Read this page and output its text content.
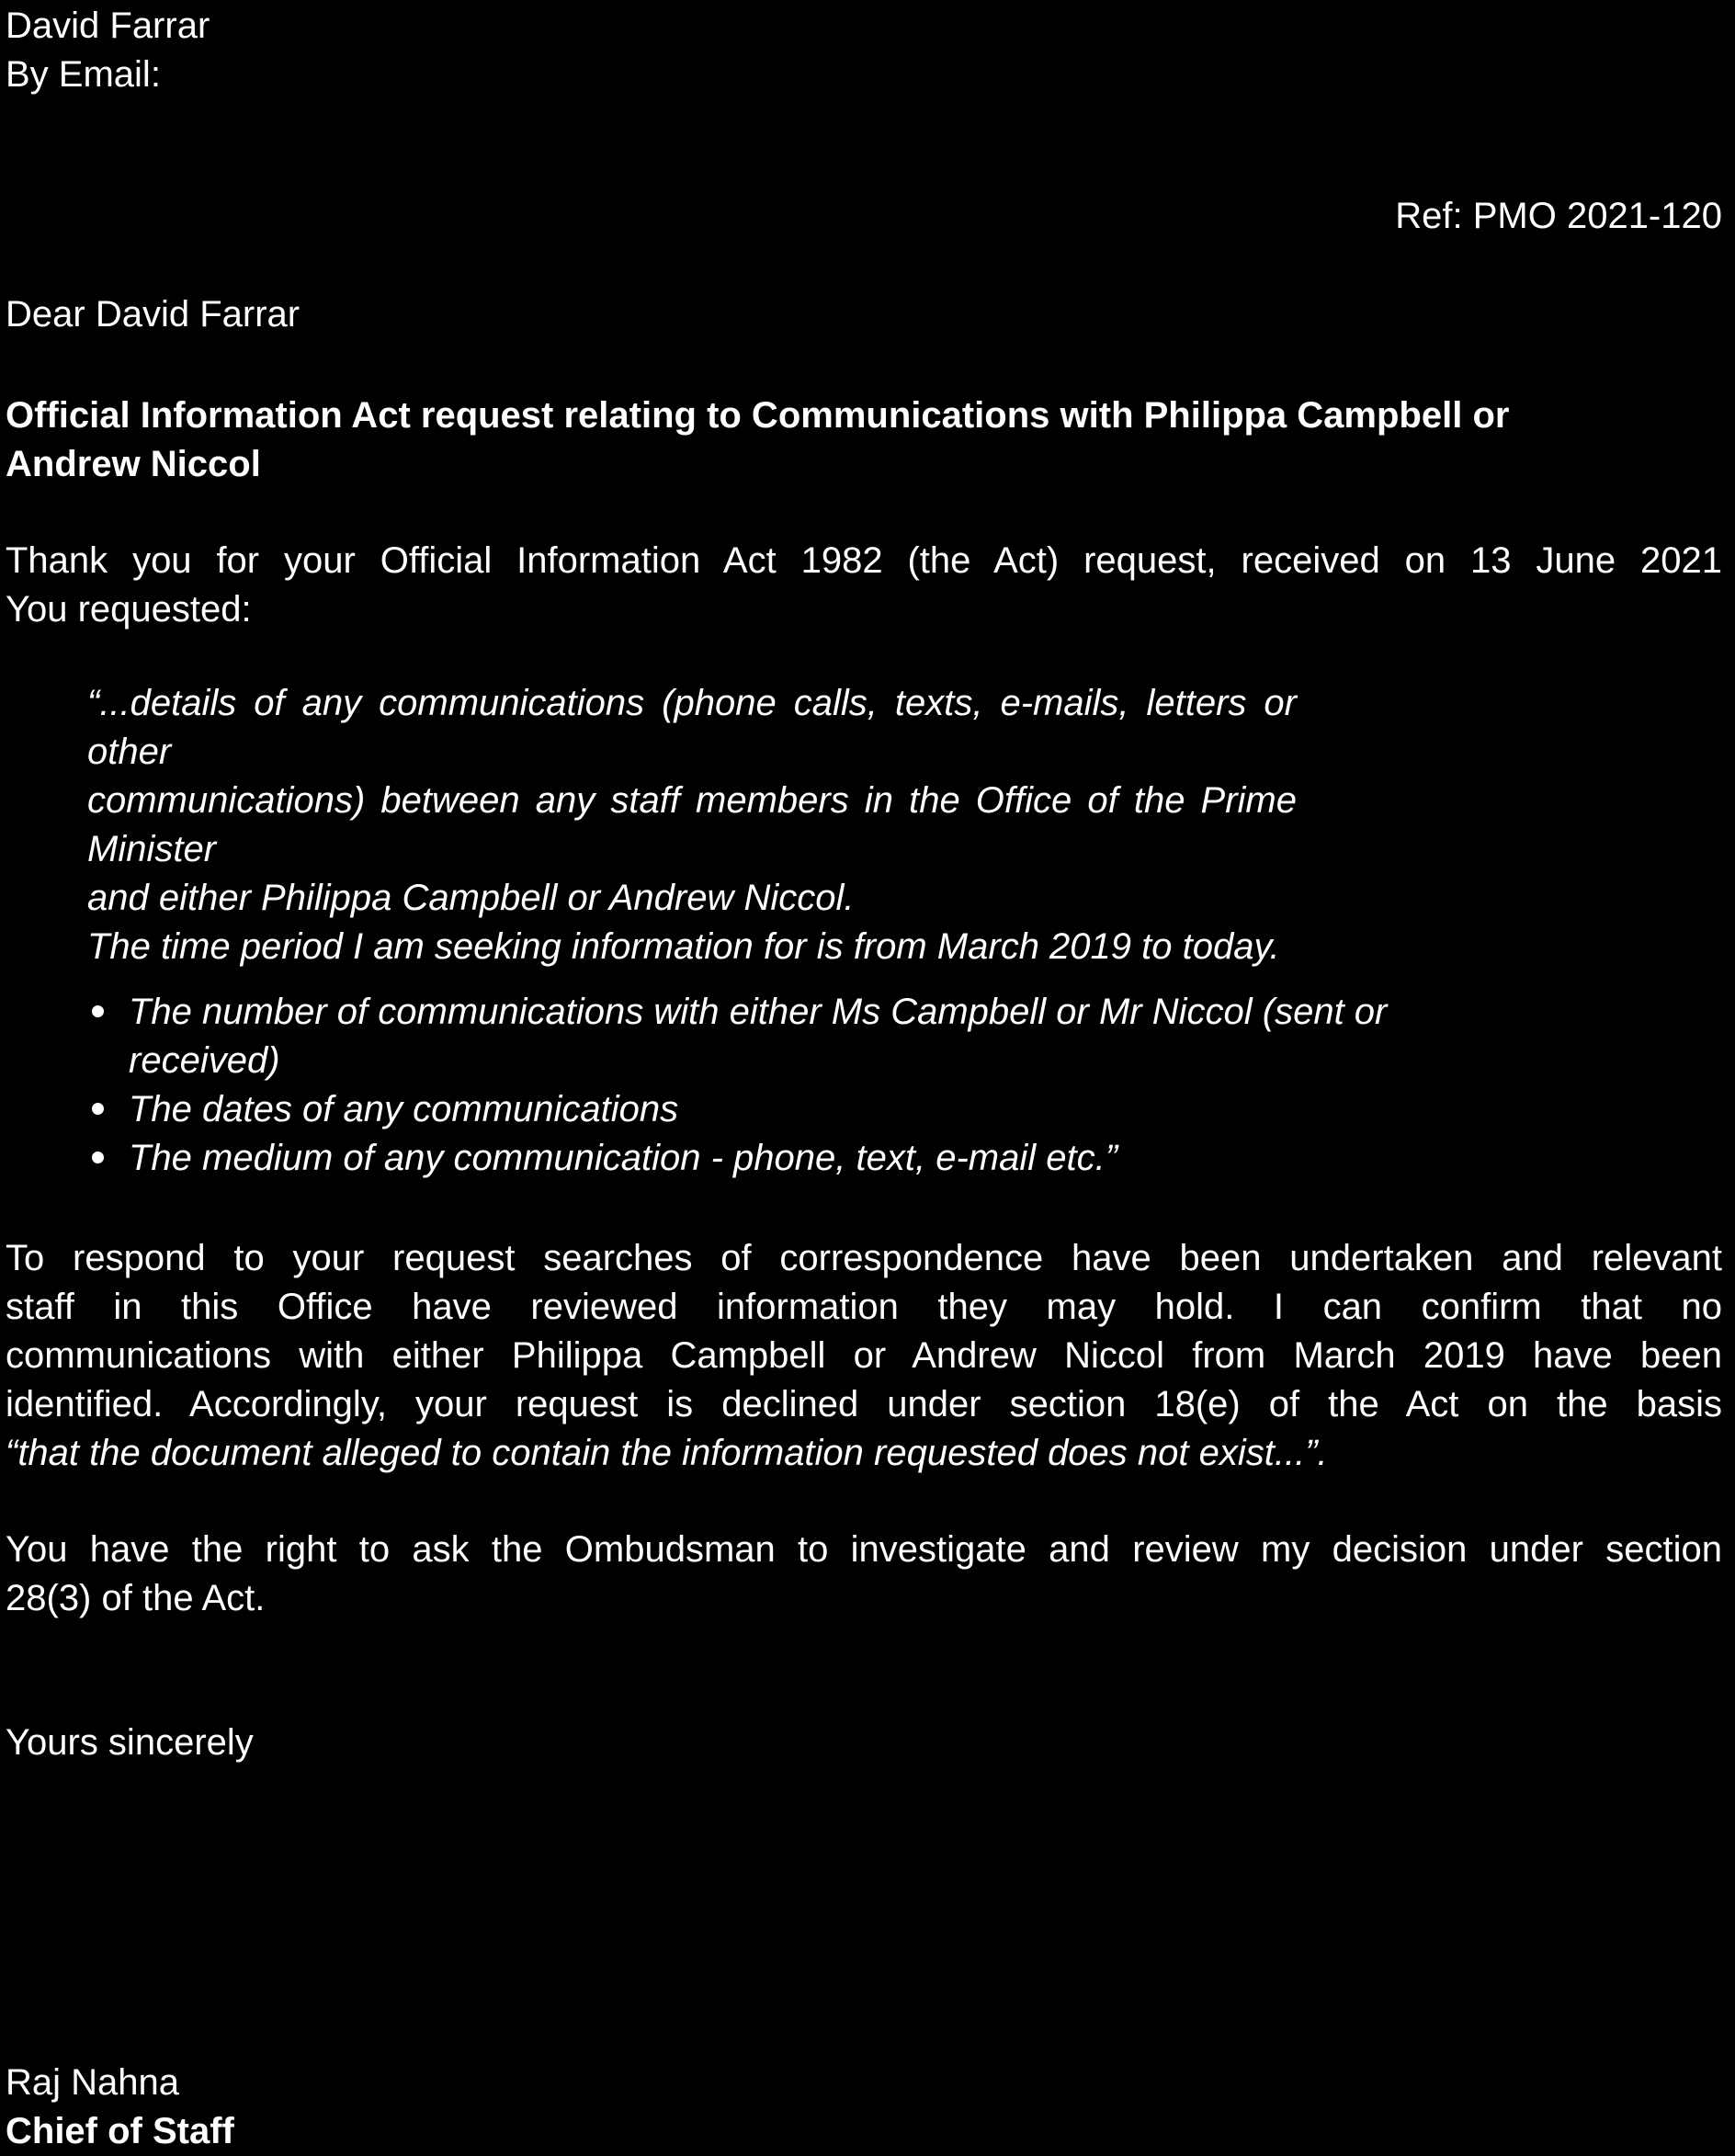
David Farrar
By Email:
Ref: PMO 2021-120
Dear David Farrar
Official Information Act request relating to Communications with Philippa Campbell or
Andrew Niccol
Thank you for your Official Information Act 1982 (the Act) request, received on 13 June 2021
You requested:
“...details of any communications (phone calls, texts, e-mails, letters or other
communications) between any staff members in the Office of the Prime Minister
and either Philippa Campbell or Andrew Niccol.
The time period I am seeking information for is from March 2019 to today.
The number of communications with either Ms Campbell or Mr Niccol (sent or
received)
The dates of any communications
The medium of any communication - phone, text, e-mail etc.”
To respond to your request searches of correspondence have been undertaken and relevant
staff in this Office have reviewed information they may hold. I can confirm that no
communications with either Philippa Campbell or Andrew Niccol from March 2019 have been
identified. Accordingly, your request is declined under section 18(e) of the Act on the basis
“that the document alleged to contain the information requested does not exist...”.
You have the right to ask the Ombudsman to investigate and review my decision under section
28(3) of the Act.
Yours sincerely
Raj Nahna
Chief of Staff
